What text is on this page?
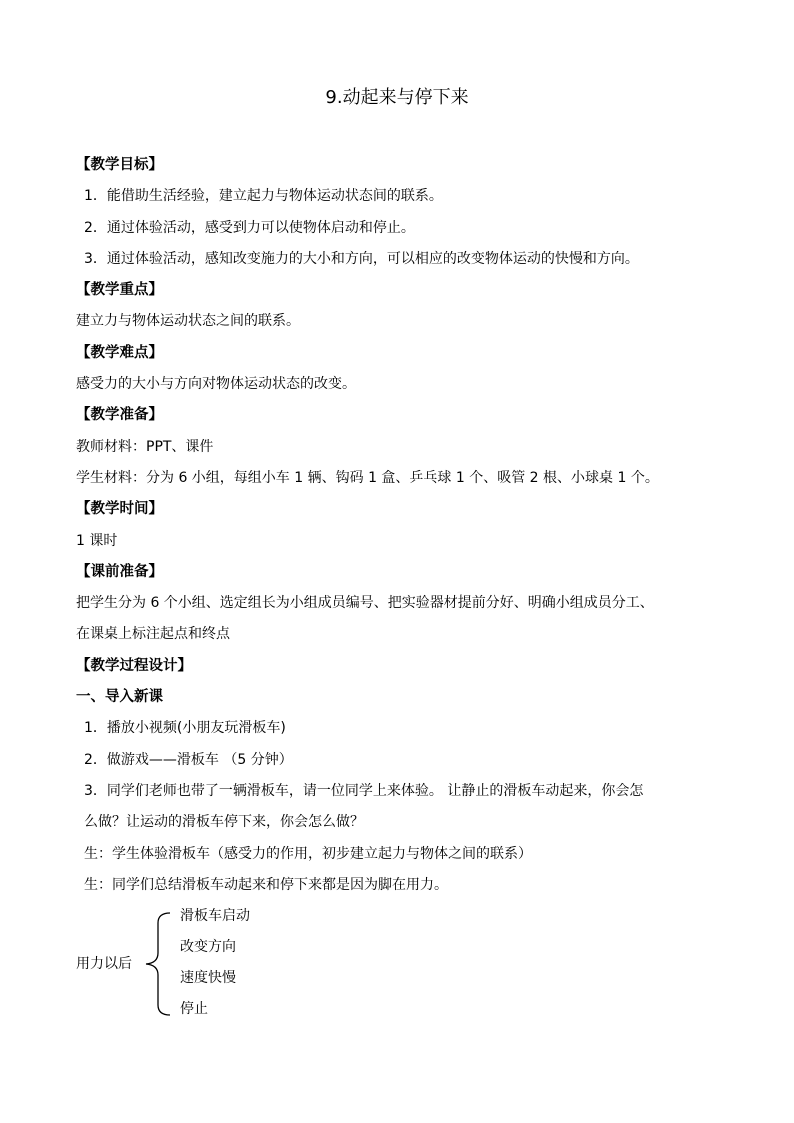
9.动起来与停下来
【教学目标】
1．能借助生活经验，建立起力与物体运动状态间的联系。
2．通过体验活动，感受到力可以使物体启动和停止。
3．通过体验活动，感知改变施力的大小和方向，可以相应的改变物体运动的快慢和方向。
【教学重点】
建立力与物体运动状态之间的联系。
【教学难点】
感受力的大小与方向对物体运动状态的改变。
【教学准备】
教师材料：PPT、课件
学生材料：分为 6 小组，每组小车 1 辆、钩码 1 盒、乒乓球 1 个、吸管 2 根、小球桌 1 个。
【教学时间】
1 课时
【课前准备】
把学生分为 6 个小组、选定组长为小组成员编号、把实验器材提前分好、明确小组成员分工、
在课桌上标注起点和终点
【教学过程设计】
一、导入新课
1．播放小视频(小朋友玩滑板车)
2．做游戏——滑板车 （5 分钟）
3．同学们老师也带了一辆滑板车，请一位同学上来体验。 让静止的滑板车动起来，你会怎
么做？让运动的滑板车停下来，你会怎么做？
生：学生体验滑板车（感受力的作用，初步建立起力与物体之间的联系）
生：同学们总结滑板车动起来和停下来都是因为脚在用力。
用力以后
滑板车启动
改变方向
速度快慢
停止
